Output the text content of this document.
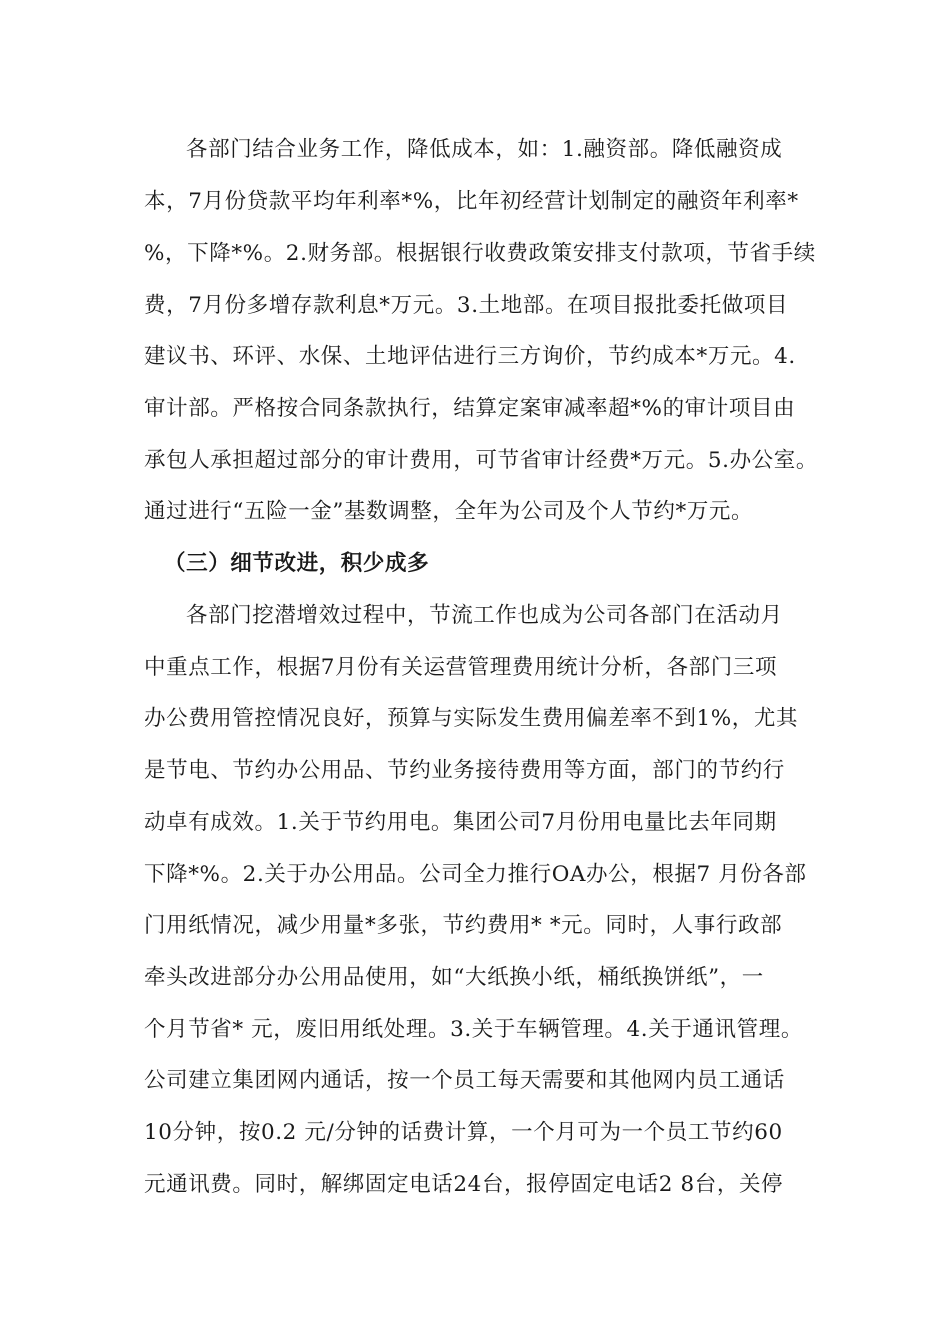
各部门结合业务工作，降低成本，如：1.融资部。降低融资成
本，7月份贷款平均年利率*%，比年初经营计划制定的融资年利率*
%，下降*%。2.财务部。根据银行收费政策安排支付款项，节省手续
费，7月份多增存款利息*万元。3.土地部。在项目报批委托做项目
建议书、环评、水保、土地评估进行三方询价，节约成本*万元。4.
审计部。严格按合同条款执行，结算定案审减率超*%的审计项目由
承包人承担超过部分的审计费用，可节省审计经费*万元。5.办公室。
通过进行“五险一金”基数调整，全年为公司及个人节约*万元。
（三）细节改进，积少成多
各部门挖潜增效过程中，节流工作也成为公司各部门在活动月
中重点工作，根据7月份有关运营管理费用统计分析，各部门三项
办公费用管控情况良好，预算与实际发生费用偏差率不到1%，尤其
是节电、节约办公用品、节约业务接待费用等方面，部门的节约行
动卓有成效。1.关于节约用电。集团公司7月份用电量比去年同期
下降*%。2.关于办公用品。公司全力推行OA办公，根据7 月份各部
门用纸情况，减少用量*多张，节约费用* *元。同时，人事行政部
牵头改进部分办公用品使用，如“大纸换小纸，桶纸换饼纸”，一
个月节省* 元，废旧用纸处理。3.关于车辆管理。4.关于通讯管理。
公司建立集团网内通话，按一个员工每天需要和其他网内员工通话
10分钟，按0.2 元/分钟的话费计算，一个月可为一个员工节约60
元通讯费。同时，解绑固定电话24台，报停固定电话2 8台，关停
